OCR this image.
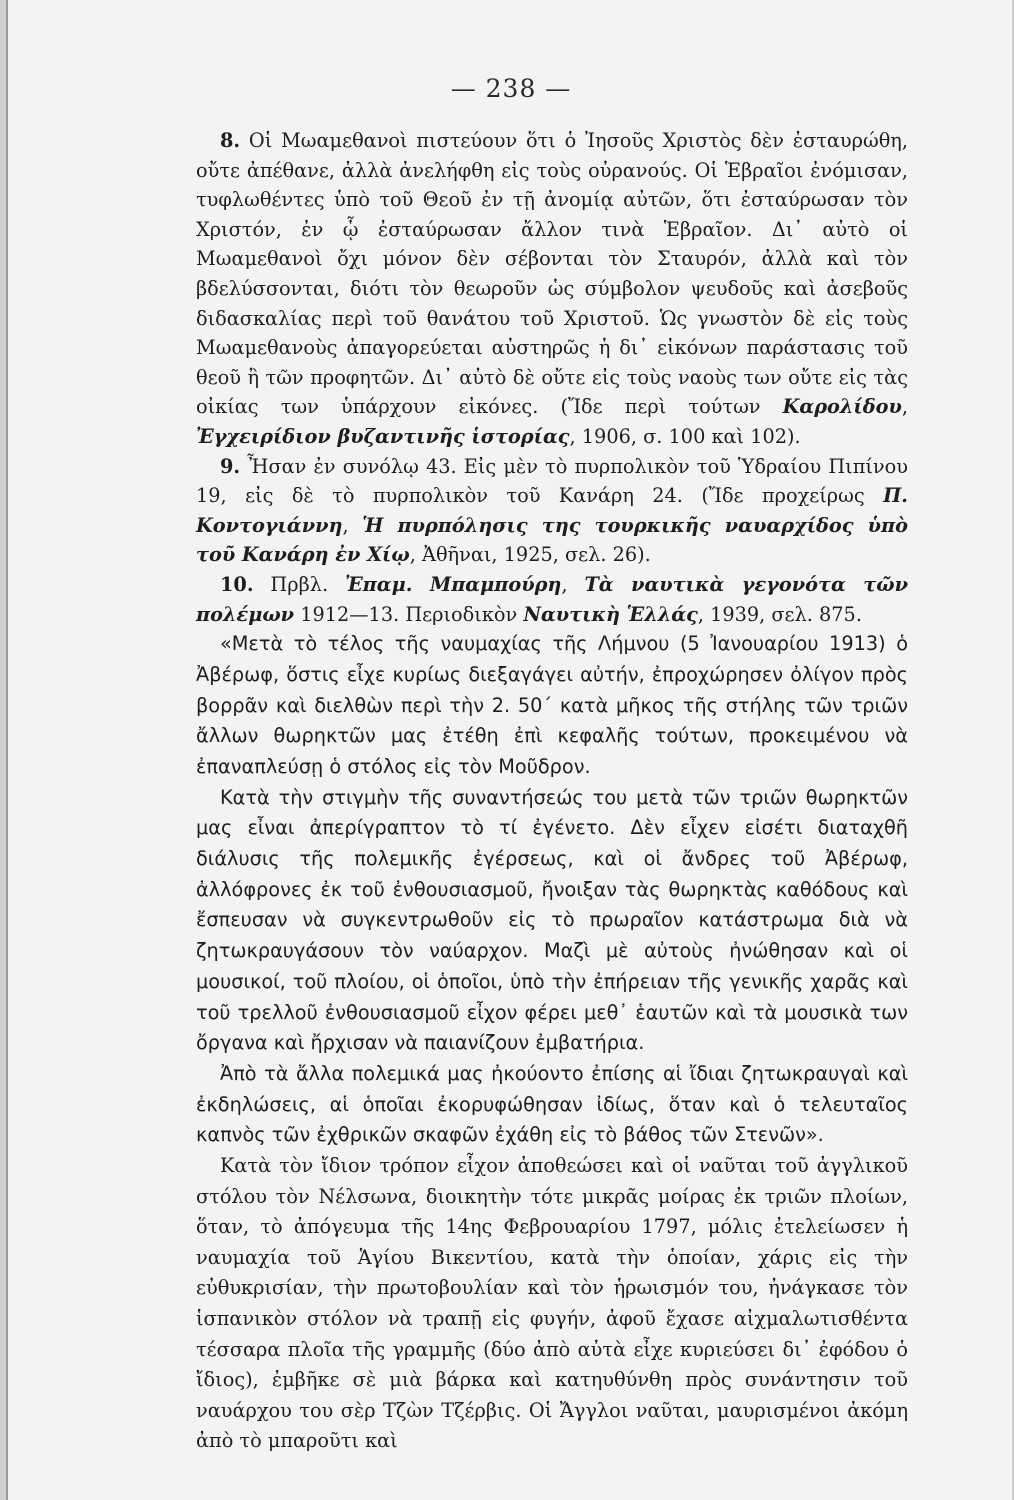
— 238 —

8. Οἱ Μωαμεθανοὶ πιστεύουν ὅτι ὁ Ἰησοῦς Χριστὸς δὲν ἐσταυρώθη, οὔτε ἀπέθανε, ἀλλὰ ἀνελήφθη εἰς τοὺς οὐρανούς. Οἱ Ἑβραῖοι ἐνόμισαν, τυφλωθέντες ὑπὸ τοῦ Θεοῦ ἐν τῇ ἀνομίᾳ αὐτῶν, ὅτι ἐσταύρωσαν τὸν Χριστόν, ἐν ᾧ ἐσταύρωσαν ἄλλον τινὰ Ἑβραῖον. Δι᾿ αὐτὸ οἱ Μωαμεθανοὶ ὄχι μόνον δὲν σέβονται τὸν Σταυρόν, ἀλλὰ καὶ τὸν βδελύσσονται, διότι τὸν θεωροῦν ὡς σύμβολον ψευδοῦς καὶ ἀσεβοῦς διδασκαλίας περὶ τοῦ θανάτου τοῦ Χριστοῦ. Ὡς γνωστὸν δὲ εἰς τοὺς Μωαμεθανοὺς ἀπαγορεύεται αὐστηρῶς ἡ δι᾿ εἰκόνων παράστασις τοῦ θεοῦ ἢ τῶν προφητῶν. Δι᾿ αὐτὸ δὲ οὔτε εἰς τοὺς ναοὺς των οὔτε εἰς τὰς οἰκίας των ὑπάρχουν εἰκόνες. (Ἴδε περὶ τούτων Καρολίδου, Ἐγχειρίδιον βυζαντινῆς ἱστορίας, 1906, σ. 100 καὶ 102).

9. Ἦσαν ἐν συνόλῳ 43. Εἰς μὲν τὸ πυρπολικὸν τοῦ Ὑδραίου Πιπίνου 19, εἰς δὲ τὸ πυρπολικὸν τοῦ Κανάρη 24. (Ἴδε προχείρως Π. Κοντογιάννη, Ἡ πυρπόλησις της τουρκικῆς ναυαρχίδος ὑπὸ τοῦ Κανάρη ἐν Χίῳ, Ἀθῆναι, 1925, σελ. 26).

10. Πρβλ. Ἐπαμ. Μπαμπούρη, Τὰ ναυτικὰ γεγονότα τῶν πολέμων 1912—13. Περιοδικὸν Ναυτικὴ Ἑλλάς, 1939, σελ. 875.

«Μετὰ τὸ τέλος τῆς ναυμαχίας τῆς Λήμνου (5 Ἰανουαρίου 1913) ὁ Ἀβέρωφ, ὅστις εἶχε κυρίως διεξαγάγει αὐτήν, ἐπροχώρησεν ὀλίγον πρὸς βορρᾶν καὶ διελθὼν περὶ τὴν 2. 50΄ κατὰ μῆκος τῆς στήλης τῶν τριῶν ἄλλων θωρηκτῶν μας ἐτέθη ἐπὶ κεφαλῆς τούτων, προκειμένου νὰ ἐπαναπλεύσῃ ὁ στόλος εἰς τὸν Μοῦδρον.

Κατὰ τὴν στιγμὴν τῆς συναντήσεώς του μετὰ τῶν τριῶν θωρηκτῶν μας εἶναι ἀπερίγραπτον τὸ τί ἐγένετο. Δὲν εἶχεν εἰσέτι διαταχθῆ διάλυσις τῆς πολεμικῆς ἐγέρσεως, καὶ οἱ ἄνδρες τοῦ Ἀβέρωφ, ἀλλόφρονες ἐκ τοῦ ἐνθουσιασμοῦ, ἤνοιξαν τὰς θωρηκτὰς καθόδους καὶ ἔσπευσαν νὰ συγκεντρωθοῦν εἰς τὸ πρωραῖον κατάστρωμα διὰ νὰ ζητωκραυγάσουν τὸν ναύαρχον. Μαζὶ μὲ αὐτοὺς ἠνώθησαν καὶ οἱ μουσικοί, τοῦ πλοίου, οἱ ὁποῖοι, ὑπὸ τὴν ἐπήρειαν τῆς γενικῆς χαρᾶς καὶ τοῦ τρελλοῦ ἐνθουσιασμοῦ εἶχον φέρει μεθ᾿ ἑαυτῶν καὶ τὰ μουσικὰ των ὄργανα καὶ ἤρχισαν νὰ παιανίζουν ἐμβατήρια.

Ἀπὸ τὰ ἄλλα πολεμικά μας ἠκούοντο ἐπίσης αἱ ἴδιαι ζητωκραυγαὶ καὶ ἐκδηλώσεις, αἱ ὁποῖαι ἐκορυφώθησαν ἰδίως, ὅταν καὶ ὁ τελευταῖος καπνὸς τῶν ἐχθρικῶν σκαφῶν ἐχάθη εἰς τὸ βάθος τῶν Στενῶν».

Κατὰ τὸν ἴδιον τρόπον εἶχον ἀποθεώσει καὶ οἱ ναῦται τοῦ ἀγγλικοῦ στόλου τὸν Νέλσωνα, διοικητὴν τότε μικρᾶς μοίρας ἐκ τριῶν πλοίων, ὅταν, τὸ ἀπόγευμα τῆς 14ης Φεβρουαρίου 1797, μόλις ἐτελείωσεν ἡ ναυμαχία τοῦ Ἁγίου Βικεντίου, κατὰ τὴν ὁποίαν, χάρις εἰς τὴν εὐθυκρισίαν, τὴν πρωτοβουλίαν καὶ τὸν ἡρωισμόν του, ἠνάγκασε τὸν ἱσπανικὸν στόλον νὰ τραπῇ εἰς φυγήν, ἀφοῦ ἔχασε αἰχμαλωτισθέντα τέσσαρα πλοῖα τῆς γραμμῆς (δύο ἀπὸ αὐτὰ εἶχε κυριεύσει δι᾿ ἐφόδου ὁ ἴδιος), ἐμβῆκε σὲ μιὰ βάρκα καὶ κατηυθύνθη πρὸς συνάντησιν τοῦ ναυάρχου του σὲρ Τζὼν Τζέρβις. Οἱ Ἄγγλοι ναῦται, μαυρισμένοι ἀκόμη ἀπὸ τὸ μπαροῦτι καὶ
